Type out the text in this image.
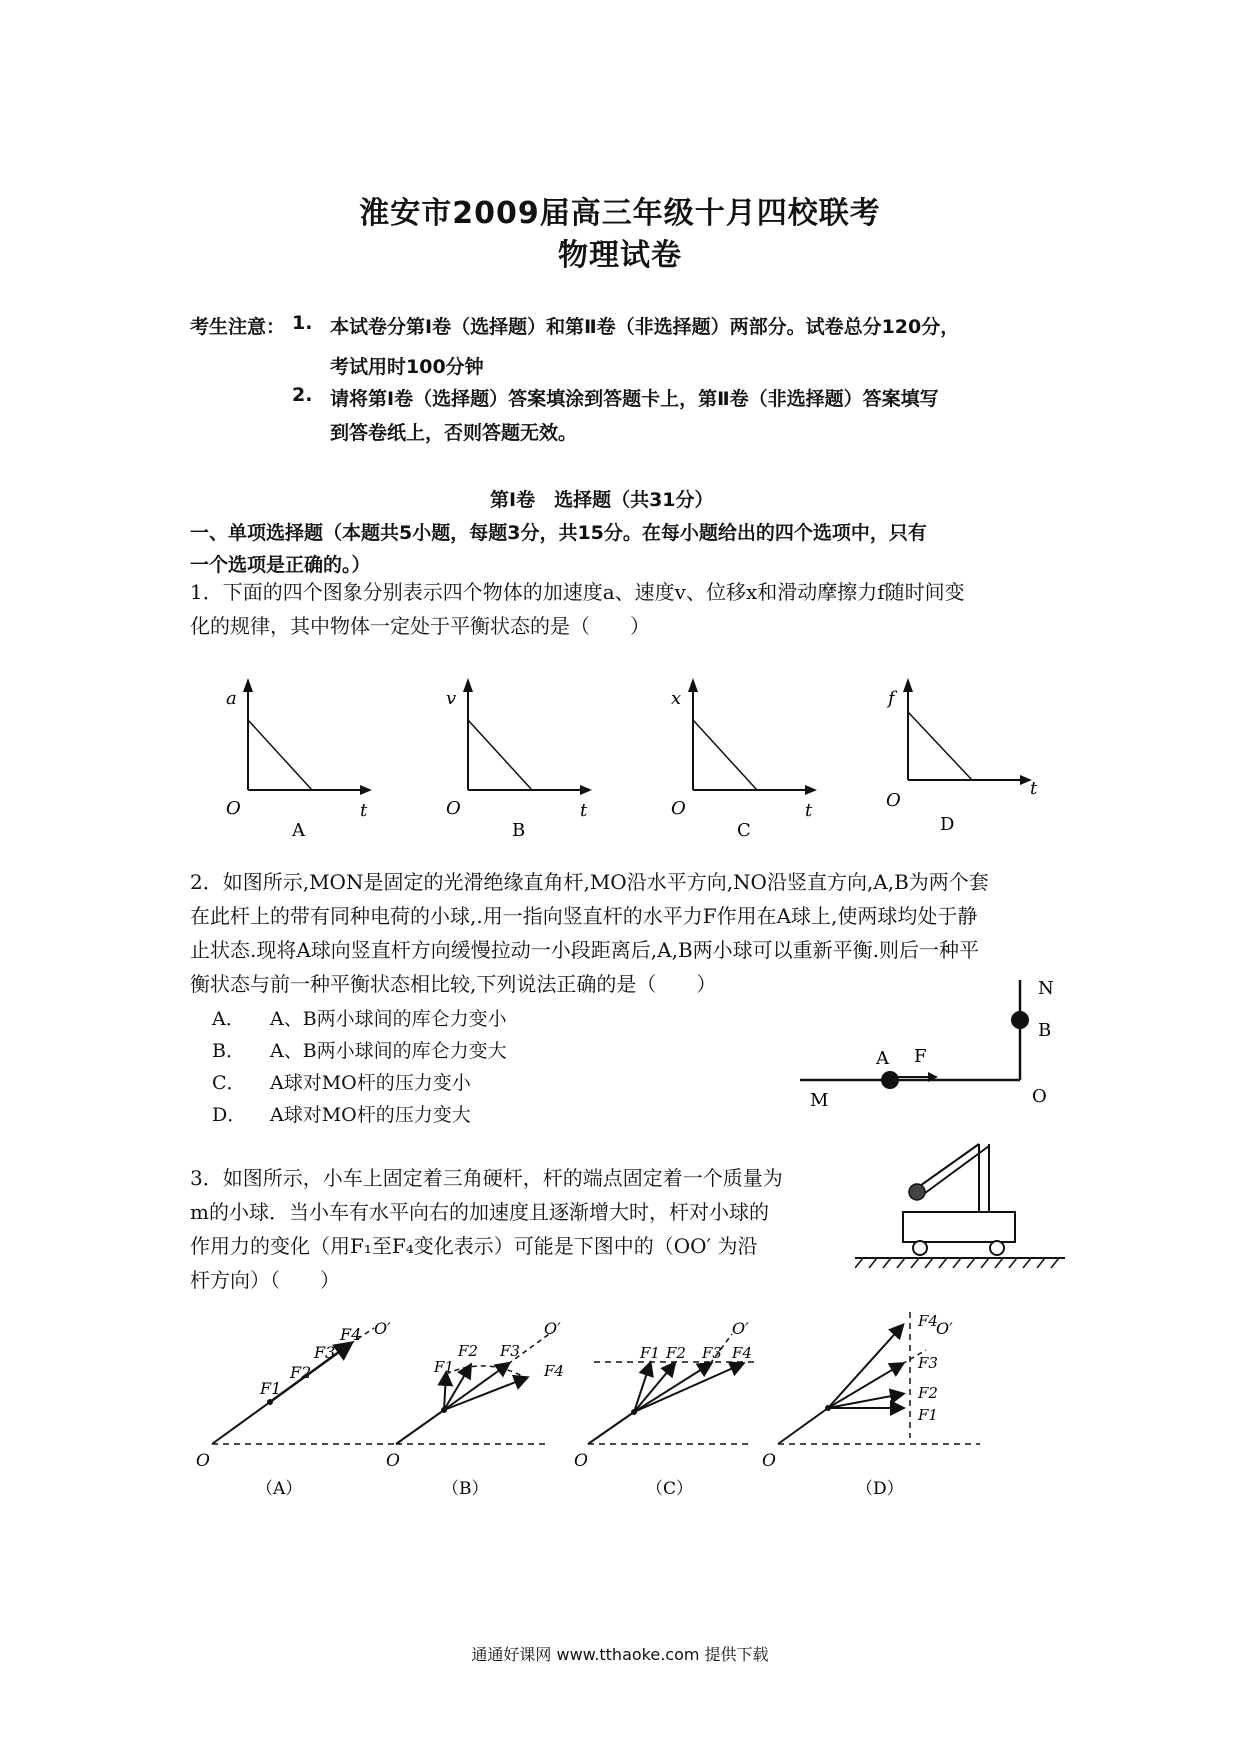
淮安市2009届高三年级十月四校联考
物理试卷
考生注意： 1. 本试卷分第Ⅰ卷（选择题）和第Ⅱ卷（非选择题）两部分。试卷总分120分，
考试用时100分钟
2. 请将第Ⅰ卷（选择题）答案填涂到答题卡上，第Ⅱ卷（非选择题）答案填写
到答卷纸上，否则答题无效。
第Ⅰ卷　选择题（共31分）
一、单项选择题（本题共5小题，每题3分，共15分。在每小题给出的四个选项中，只有
一个选项是正确的。）
1．下面的四个图象分别表示四个物体的加速度a、速度v、位移x和滑动摩擦力f随时间变
化的规律，其中物体一定处于平衡状态的是（　　）
a
O	t
A
v
O	t
B
x
O	t
C
f
O
t
D
2．如图所示,MON是固定的光滑绝缘直角杆,MO沿水平方向,NO沿竖直方向,A,B为两个套
在此杆上的带有同种电荷的小球,.用一指向竖直杆的水平力F作用在A球上,使两球均处于静
止状态.现将A球向竖直杆方向缓慢拉动一小段距离后,A,B两小球可以重新平衡.则后一种平
衡状态与前一种平衡状态相比较,下列说法正确的是（　　）
A． A、B两小球间的库仑力变小
B． A、B两小球间的库仑力变大
C． A球对MO杆的压力变小
D． A球对MO杆的压力变大
N
B
A F
M	O
3．如图所示，小车上固定着三角硬杆，杆的端点固定着一个质量为
m的小球．当小车有水平向右的加速度且逐渐增大时，杆对小球的
作用力的变化（用F₁至F₄变化表示）可能是下图中的（OO′ 为沿
杆方向）（　　）
F1
F2
F3
F4 O′
O
（A）
F1
F2 F3
F4
O′
O
（B）
F1 F2 F3 F4
O′
O
（C）
F1
F2
F3
F4
O′
O
（D）
通通好课网 www.tthaoke.com 提供下载
